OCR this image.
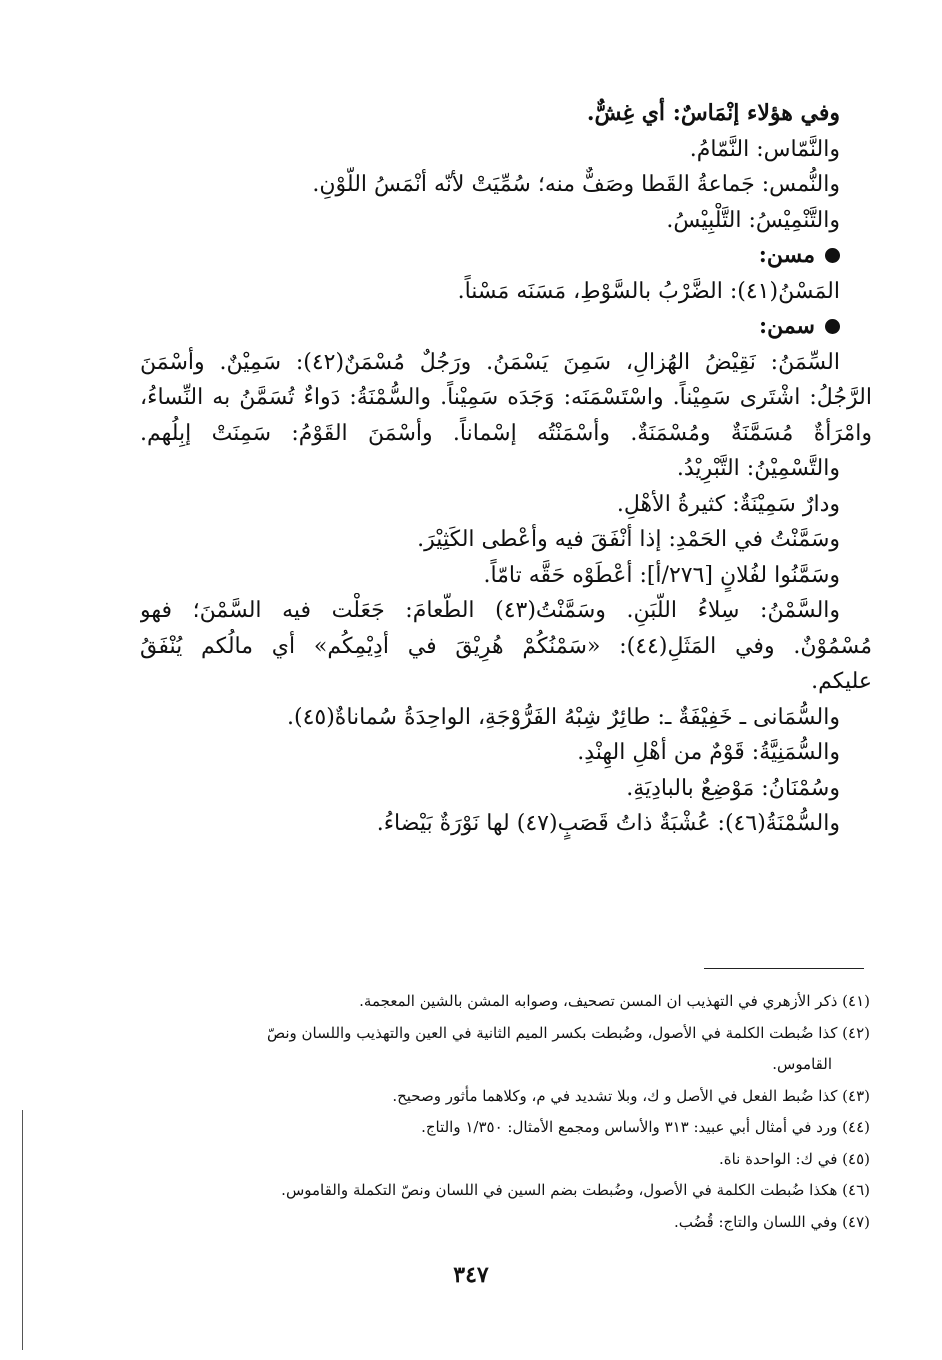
وفي هؤلاء إنْمَاسٌ: أي غِشٌّ.
والنَّمّاس: النَّمّامُ.
والنُّمس: جَماعةُ القَطا وصَفٌّ منه؛ سُمِّيَتْ لأنّه أنْمَسُ اللَّوْنِ.
والتَّنْمِيْسُ: التَّلْبِيْسُ.
مسن:
المَسْنُ(٤١): الضَّرْبُ بالسَّوْطِ، مَسَنَه مَسْناً.
سمن:
السِّمَنُ: نَقِيْضُ الهُزالِ، سَمِنَ يَسْمَنُ. ورَجُلٌ مُسْمَنٌ(٤٢): سَمِيْنٌ. وأسْمَنَ
الرَّجُلُ: اشْتَرى سَمِيْناً. واسْتَسْمَنَه: وَجَدَه سَمِيْناً. والسُّمْنَةُ: دَواءٌ تُسَمَّنُ به النِّساءُ،
وامْرَأةٌ مُسَمَّنَةٌ ومُسْمَنَةٌ. وأسْمَنْتُه إسْماناً. وأسْمَنَ القَوْمُ: سَمِنَتْ إبِلُهم.
والتَّسْمِيْنُ: التَّبْرِيْدُ.
ودارٌ سَمِيْنَةٌ: كثيرةُ الأهْلِ.
وسَمَّنْتُ في الحَمْدِ: إذا أنْفَقَ فيه وأعْطى الكَثِيْرَ.
وسَمَّنُوا لفُلانٍ [٢٧٦/أ]: أعْطَوْه حَقَّه تامّاً.
والسَّمْنُ: سِلاءُ اللَّبَنِ. وسَمَّنْتُ(٤٣) الطَّعامَ: جَعَلْت فيه السَّمْنَ؛ فهو
مُسْمُوْنٌ. وفي المَثَلِ(٤٤): «سَمْنُكُمْ هُرِيْقَ في أدِيْمِكُم» أي مالُكم يُنْفَقُ
عليكم.
والسُّمَانى ـ خَفِيْفَةٌ ـ: طائِرٌ شِبْهُ الفَرُّوْجَةِ، الواحِدَةُ سُماناةٌ(٤٥).
والسُّمَنِيَّةُ: قَوْمٌ من أهْلِ الهِنْدِ.
وسُمْنَانُ: مَوْضِعٌ بالبادِيَةِ.
والسُّمْنَةُ(٤٦): عُشْبَةٌ ذاتُ قَصَبٍ(٤٧) لها نَوْرَةٌ بَيْضاءُ.
(٤١) ذكر الأزهري في التهذيب ان المسن تصحيف، وصوابه المشن بالشين المعجمة.
(٤٢) كذا ضُبطت الكلمة في الأصول، وضُبطت بكسر الميم الثانية في العين والتهذيب واللسان ونصّ
القاموس.
(٤٣) كذا ضُبط الفعل في الأصل و ك، وبلا تشديد في م، وكلاهما مأثور وصحيح.
(٤٤) ورد في أمثال أبي عبيد: ٣١٣ والأساس ومجمع الأمثال: ١/٣٥٠ والتاج.
(٤٥) في ك: الواحدة ناة.
(٤٦) هكذا ضُبطت الكلمة في الأصول، وضُبطت بضم السين في اللسان ونصّ التكملة والقاموس.
(٤٧) وفي اللسان والتاج: قُضُب.
٣٤٧
